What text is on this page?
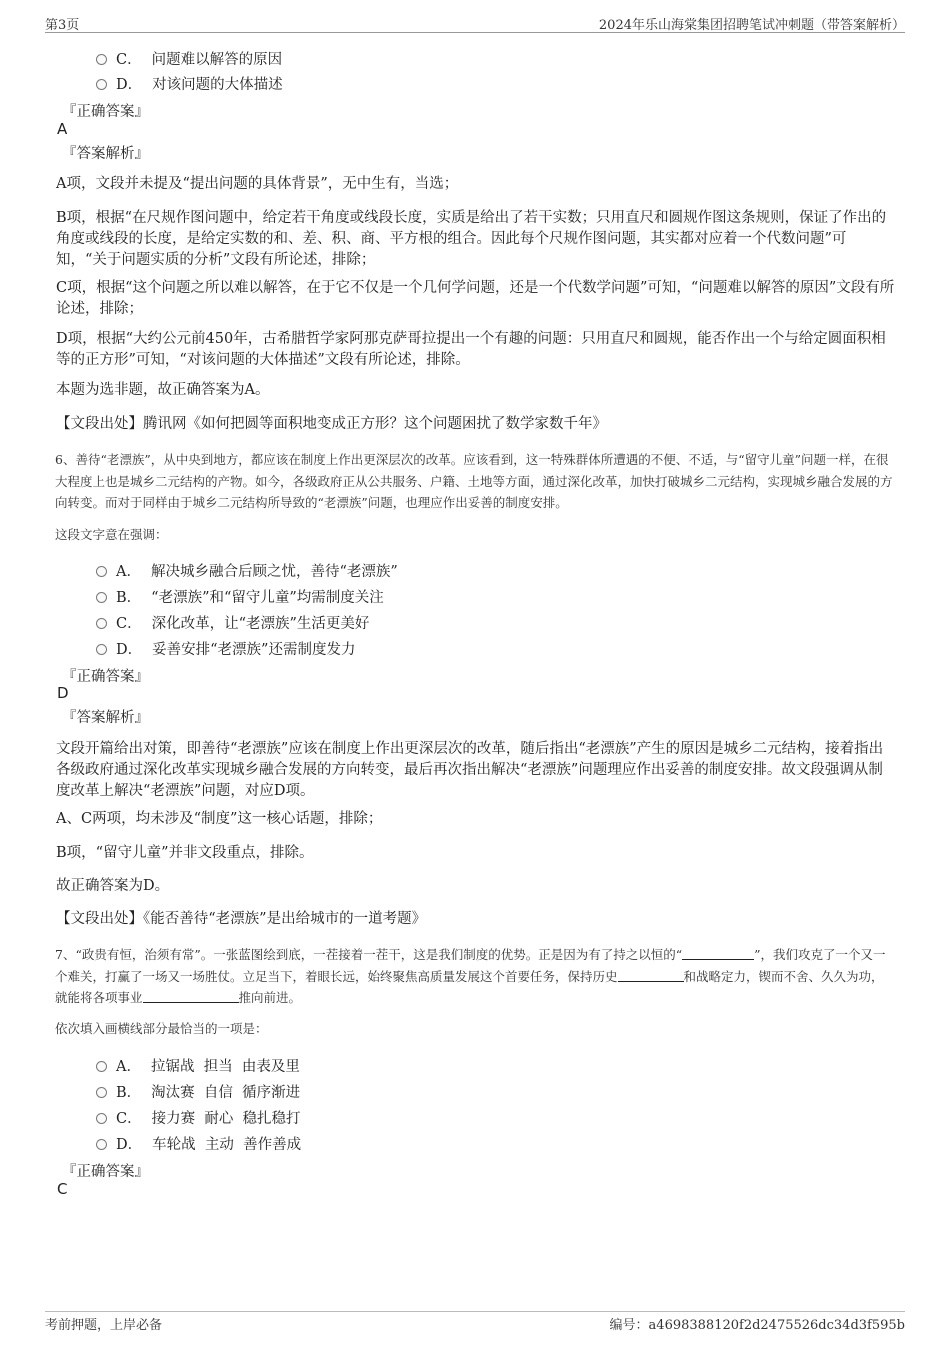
第3页	2024年乐山海棠集团招聘笔试冲刺题（带答案解析）
C． 问题难以解答的原因
D． 对该问题的大体描述
『正确答案』
A
『答案解析』

A项，文段并未提及“提出问题的具体背景”，无中生有，当选；

B项，根据“在尺规作图问题中，给定若干角度或线段长度，实质是给出了若干实数；只用直尺和圆规作图这条规则，保证了作出的角度或线段的长度，是给定实数的和、差、积、商、平方根的组合。因此每个尺规作图问题，其实都对应着一个代数问题”可知，“关于问题实质的分析”文段有所论述，排除；

C项，根据“这个问题之所以难以解答，在于它不仅是一个几何学问题，还是一个代数学问题”可知，“问题难以解答的原因”文段有所论述，排除；

D项，根据“大约公元前450年，古希腊哲学家阿那克萨哥拉提出一个有趣的问题：只用直尺和圆规，能否作出一个与给定圆面积相等的正方形”可知，“对该问题的大体描述”文段有所论述，排除。

本题为选非题，故正确答案为A。

【文段出处】腾讯网《如何把圆等面积地变成正方形？这个问题困扰了数学家数千年》

6、善待“老漂族”，从中央到地方，都应该在制度上作出更深层次的改革。应该看到，这一特殊群体所遭遇的不便、不适，与“留守儿童”问题一样，在很大程度上也是城乡二元结构的产物。如今，各级政府正从公共服务、户籍、土地等方面，通过深化改革，加快打破城乡二元结构，实现城乡融合发展的方向转变。而对于同样由于城乡二元结构所导致的“老漂族”问题，也理应作出妥善的制度安排。

这段文字意在强调：
A． 解决城乡融合后顾之忧，善待“老漂族”
B． “老漂族”和“留守儿童”均需制度关注
C． 深化改革，让“老漂族”生活更美好
D． 妥善安排“老漂族”还需制度发力
『正确答案』
D
『答案解析』

文段开篇给出对策，即善待“老漂族”应该在制度上作出更深层次的改革，随后指出“老漂族”产生的原因是城乡二元结构，接着指出各级政府通过深化改革实现城乡融合发展的方向转变，最后再次指出解决“老漂族”问题理应作出妥善的制度安排。故文段强调从制度改革上解决“老漂族”问题，对应D项。

A、C两项，均未涉及“制度”这一核心话题，排除；

B项，“留守儿童”并非文段重点，排除。

故正确答案为D。

【文段出处】《能否善待“老漂族”是出给城市的一道考题》

7、“政贵有恒，治须有常”。一张蓝图绘到底，一茬接着一茬干，这是我们制度的优势。正是因为有了持之以恒的“	”，我们攻克了一个又一个难关，打赢了一场又一场胜仗。立足当下，着眼长远，始终聚焦高质量发展这个首要任务，保持历史	和战略定力，锲而不舍、久久为功，就能将各项事业	推向前进。

依次填入画横线部分最恰当的一项是：
A． 拉锯战  担当  由表及里
B． 淘汰赛  自信  循序渐进
C． 接力赛  耐心  稳扎稳打
D． 车轮战  主动  善作善成
『正确答案』
C
考前押题，上岸必备	编号：a4698388120f2d2475526dc34d3f595b
